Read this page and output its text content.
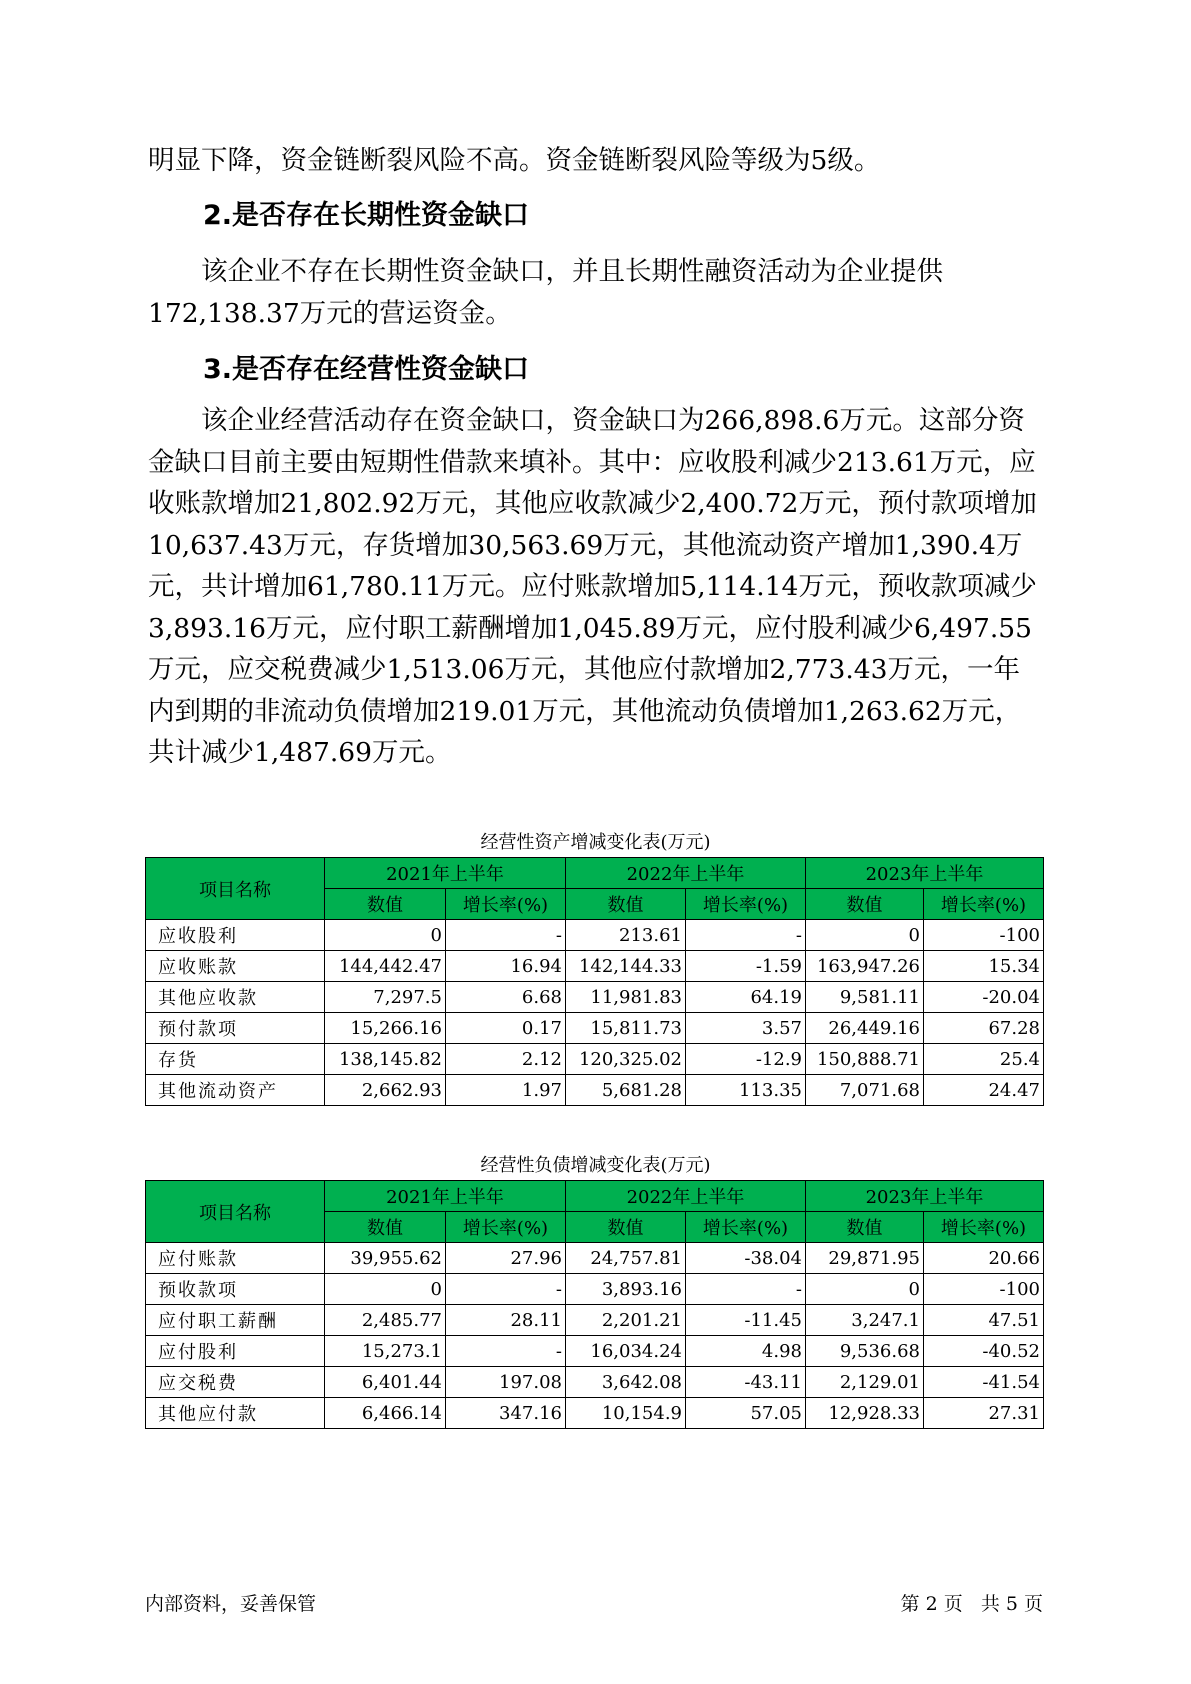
明显下降，资金链断裂风险不高。资金链断裂风险等级为5级。
2.是否存在长期性资金缺口
该企业不存在长期性资金缺口，并且长期性融资活动为企业提供172,138.37万元的营运资金。
3.是否存在经营性资金缺口
该企业经营活动存在资金缺口，资金缺口为266,898.6万元。这部分资金缺口目前主要由短期性借款来填补。其中：应收股利减少213.61万元，应收账款增加21,802.92万元，其他应收款减少2,400.72万元，预付款项增加10,637.43万元，存货增加30,563.69万元，其他流动资产增加1,390.4万元，共计增加61,780.11万元。应付账款增加5,114.14万元，预收款项减少3,893.16万元，应付职工薪酬增加1,045.89万元，应付股利减少6,497.55万元，应交税费减少1,513.06万元，其他应付款增加2,773.43万元，一年内到期的非流动负债增加219.01万元，其他流动负债增加1,263.62万元，共计减少1,487.69万元。
经营性资产增减变化表(万元)
项目名称	2021年上半年		2022年上半年		2023年上半年	
	数值	增长率(%)	数值	增长率(%)	数值	增长率(%)
应收股利	0	-	213.61	-	0	-100
应收账款	144,442.47	16.94	142,144.33	-1.59	163,947.26	15.34
其他应收款	7,297.5	6.68	11,981.83	64.19	9,581.11	-20.04
预付款项	15,266.16	0.17	15,811.73	3.57	26,449.16	67.28
存货	138,145.82	2.12	120,325.02	-12.9	150,888.71	25.4
其他流动资产	2,662.93	1.97	5,681.28	113.35	7,071.68	24.47
经营性负债增减变化表(万元)
项目名称	2021年上半年		2022年上半年		2023年上半年	
	数值	增长率(%)	数值	增长率(%)	数值	增长率(%)
应付账款	39,955.62	27.96	24,757.81	-38.04	29,871.95	20.66
预收款项	0	-	3,893.16	-	0	-100
应付职工薪酬	2,485.77	28.11	2,201.21	-11.45	3,247.1	47.51
应付股利	15,273.1	-	16,034.24	4.98	9,536.68	-40.52
应交税费	6,401.44	197.08	3,642.08	-43.11	2,129.01	-41.54
其他应付款	6,466.14	347.16	10,154.9	57.05	12,928.33	27.31
内部资料，妥善保管	第 2 页   共 5 页
